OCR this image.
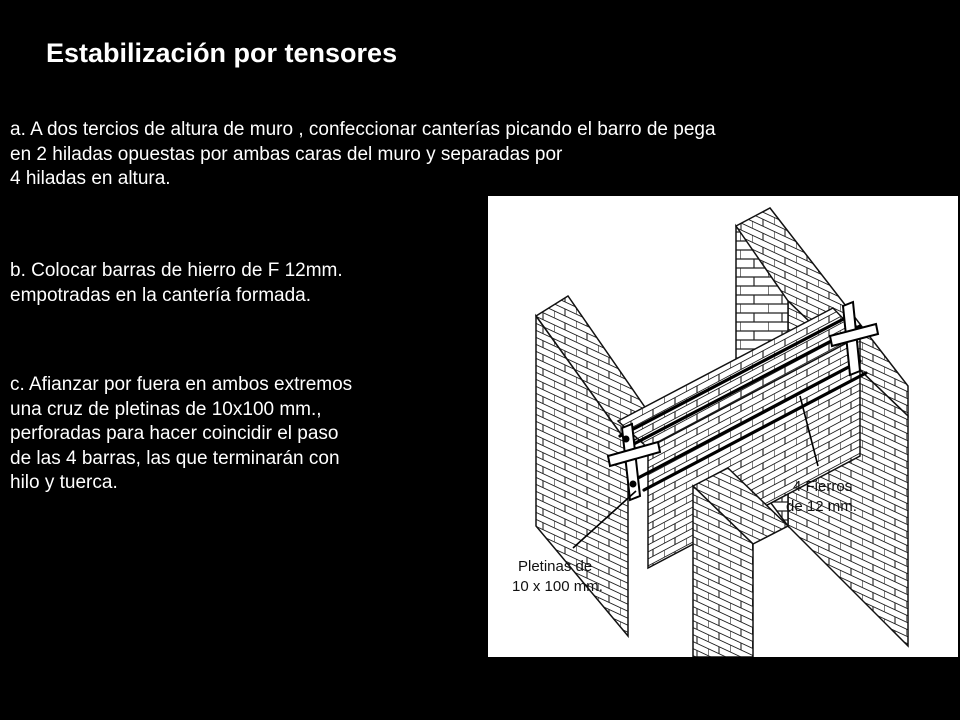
Estabilización por tensores
a. A dos tercios de altura de muro , confeccionar canterías picando el barro de pega
en 2 hiladas opuestas por ambas caras del muro y separadas por
4 hiladas en altura.
b. Colocar barras de hierro de F 12mm.
empotradas en la cantería formada.
c. Afianzar por fuera en ambos extremos
una cruz de pletinas de 10x100 mm.,
perforadas para hacer coincidir el paso
de las 4 barras, las que terminarán con
hilo y tuerca.	4 Fierros
de 12 mm.
Pletinas de
10 x 100 mm.
